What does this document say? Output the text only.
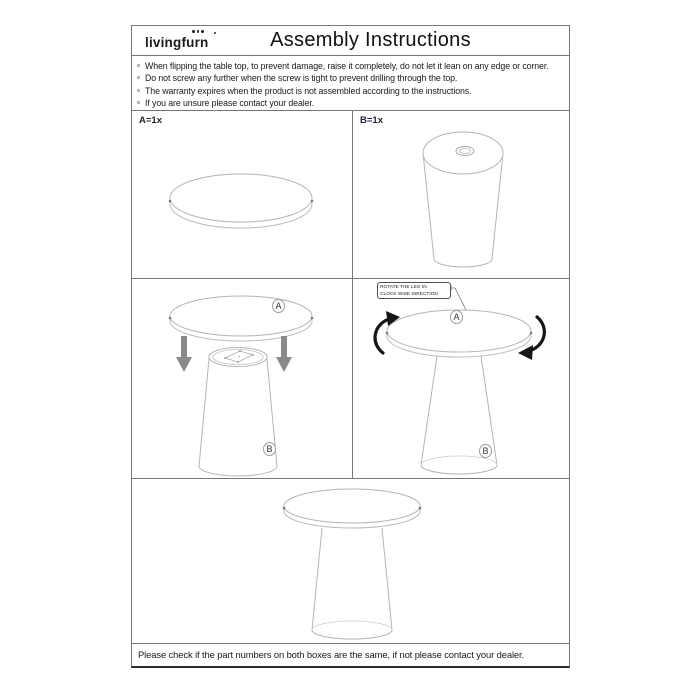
livingfurn	Assembly Instructions
When flipping the table top, to prevent damage, raise it completely, do not let it lean on any edge or corner.
Do not screw any further when the screw is tight to prevent drilling through the top.
The warranty expires when the product is not assembled according to the instructions.
If you are unsure please contact your dealer.
A=1x	B=1x
A
B
ROTATE THE LEG IN
CLOCK WISE DIRECTION
A
B
Please check if the part numbers on both boxes are the same, if not please contact your dealer.
